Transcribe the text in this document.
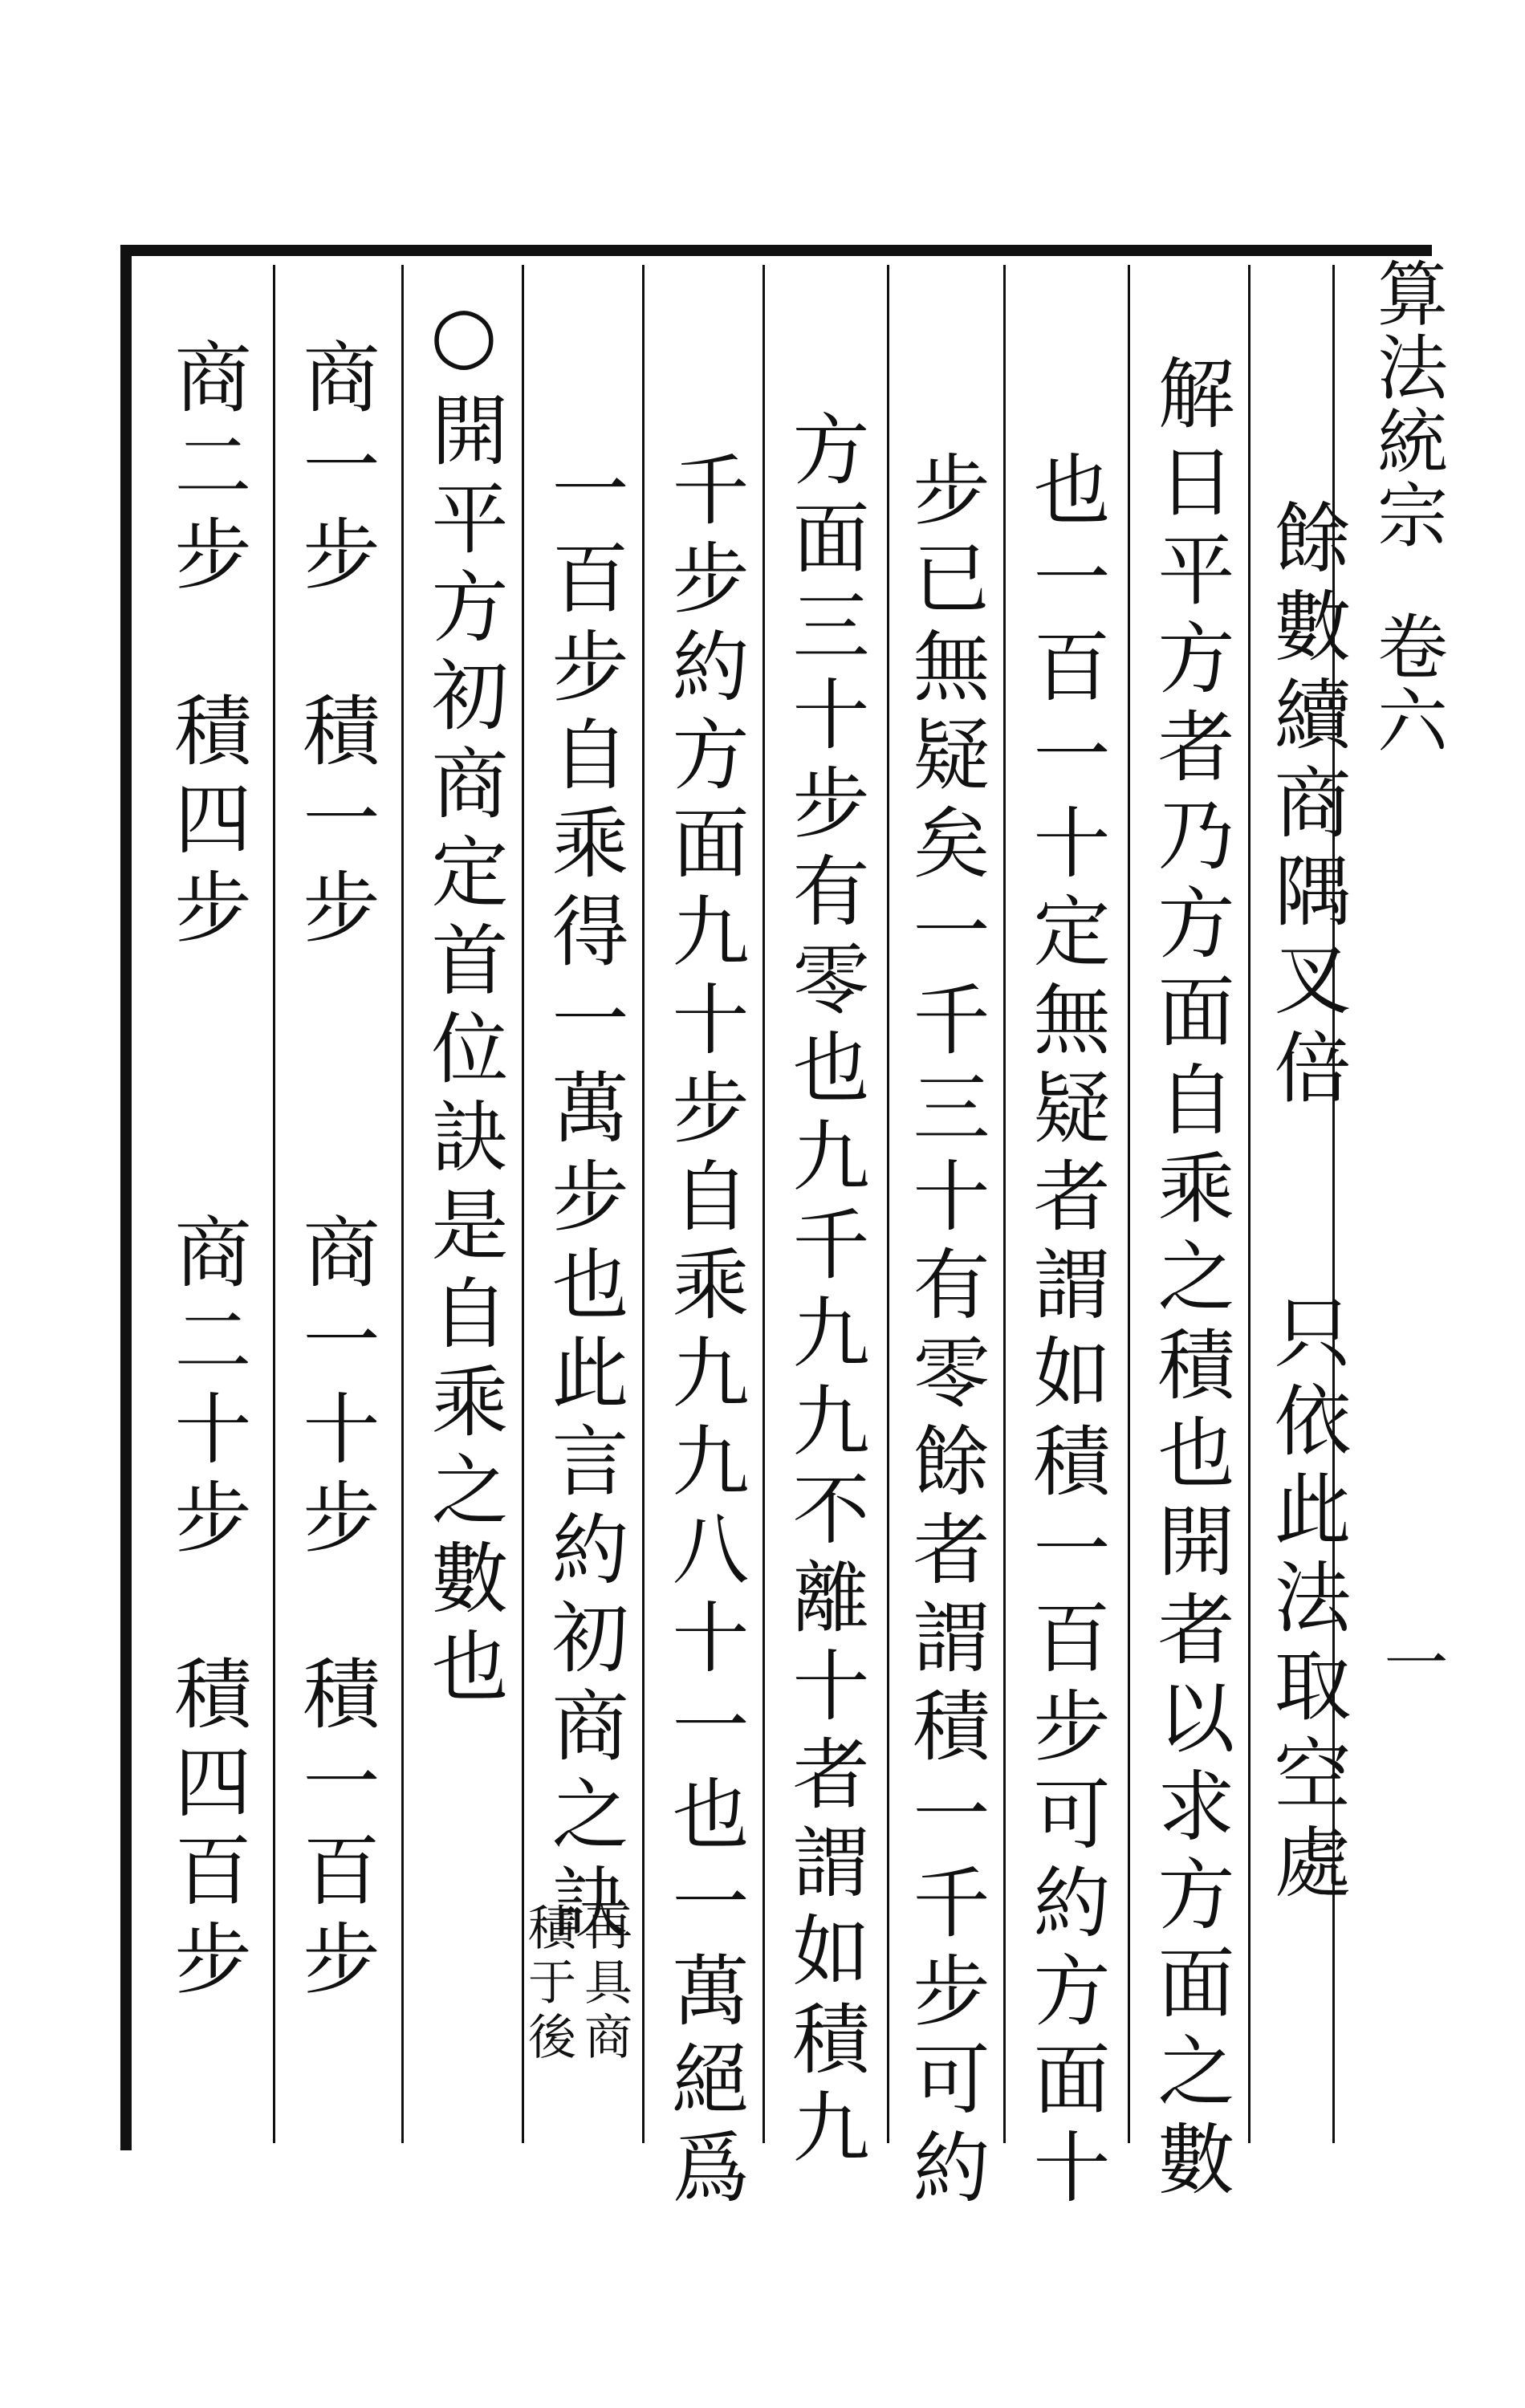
算法統宗
卷六
一
餘數續商隅叉倍　　只依此法取空處
解日平方者乃方面自乘之積也開者以求方面之數
也一百一十定無疑者謂如積一百步可約方面十
步已無疑矣一千三十有零餘者謂積一千步可約
方面三十步有零也九千九九不離十者謂如積九
千步約方面九十步自乘九九八十一也一萬絕爲
一百步自乘得一萬步也此言約初商之訣
再具商
積于後
○開平方初商定首位訣是自乘之數也
商一步　積一步
商一十步　積一百步
商二步　積四步
商二十步　積四百步
